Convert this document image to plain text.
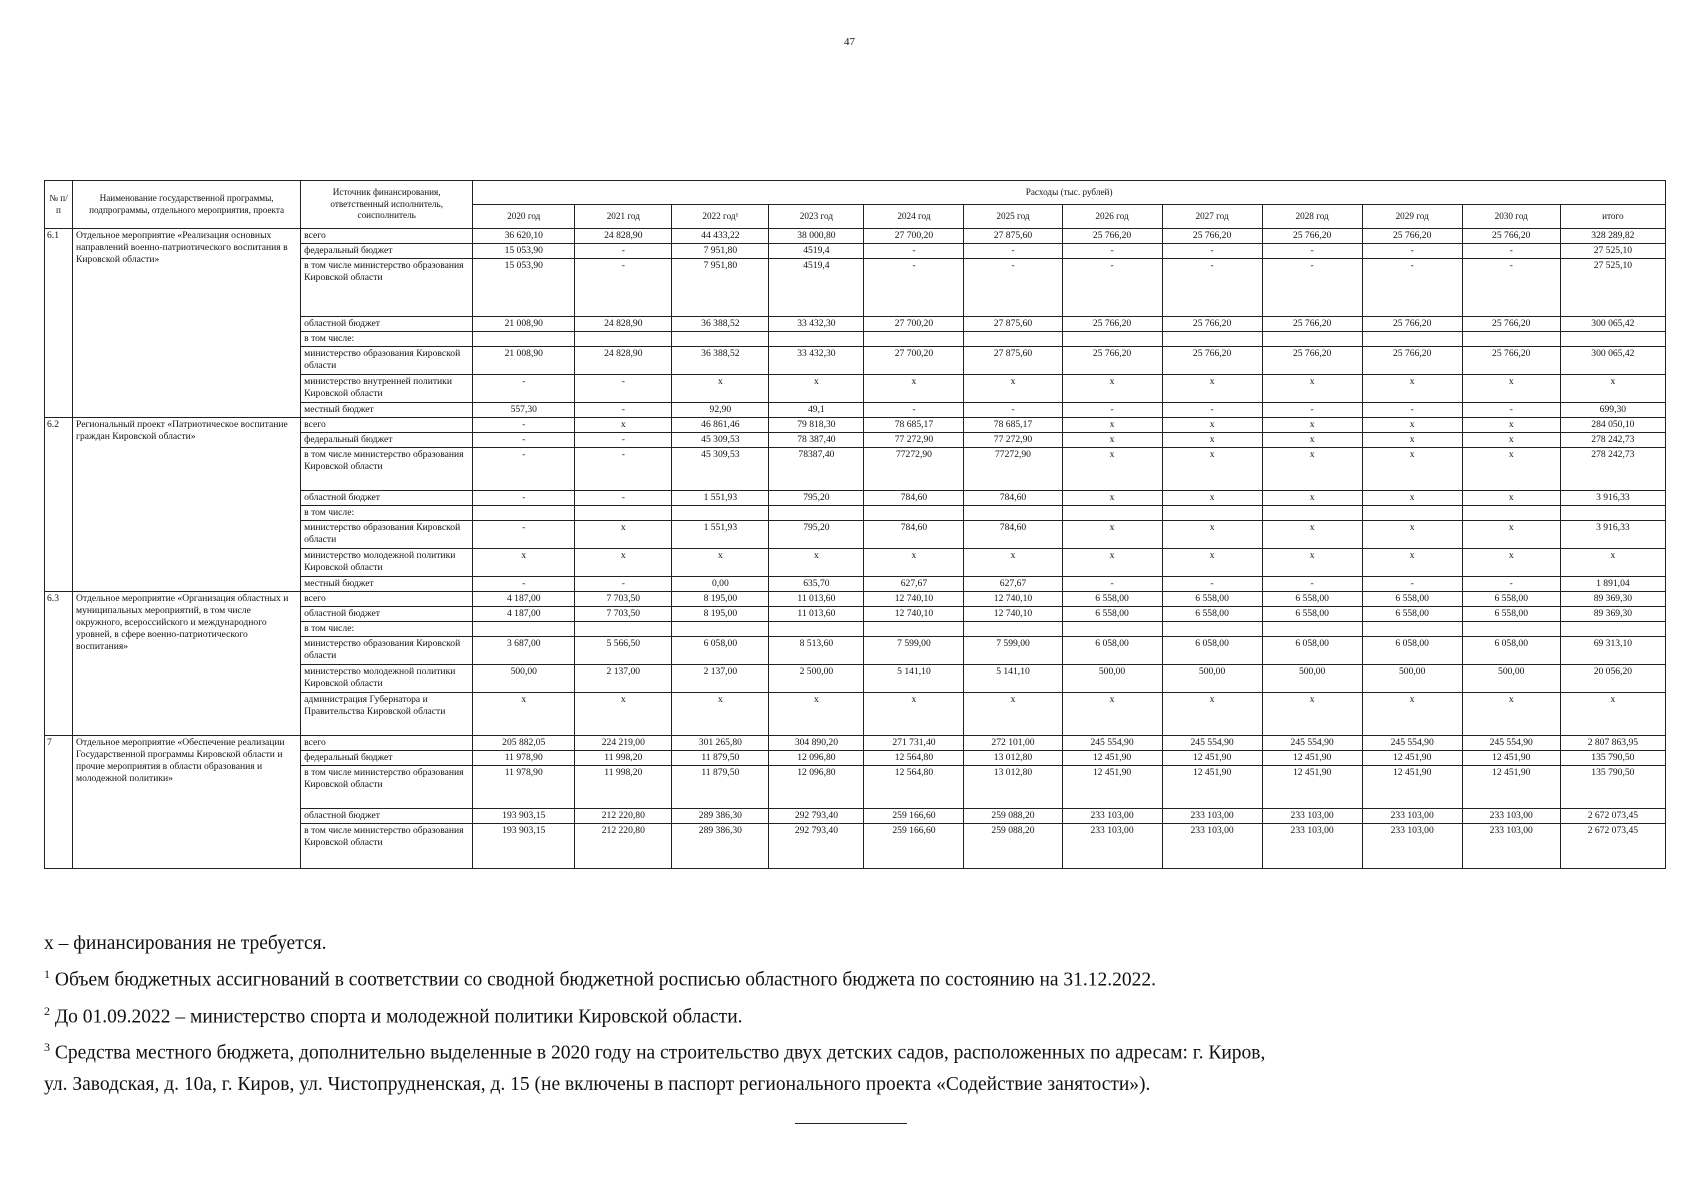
47
№ п/п	Наименование государственной программы, подпрограммы, отдельного мероприятия, проекта	Источник финансирования, ответственный исполнитель, соисполнитель	Расходы (тыс. рублей)											
			2020 год	2021 год	2022 год¹	2023 год	2024 год	2025 год	2026 год	2027 год	2028 год	2029 год	2030 год	итого
6.1	Отдельное мероприятие «Реализация основных направлений военно-патриотического воспитания в Кировской области»	всего	36 620,10	24 828,90	44 433,22	38 000,80	27 700,20	27 875,60	25 766,20	25 766,20	25 766,20	25 766,20	25 766,20	328 289,82
		федеральный бюджет	15 053,90	-	7 951,80	4519,4	-	-	-	-	-	-	-	27 525,10
		в том числе министерство образования Кировской области	15 053,90	-	7 951,80	4519,4	-	-	-	-	-	-	-	27 525,10
		областной бюджет	21 008,90	24 828,90	36 388,52	33 432,30	27 700,20	27 875,60	25 766,20	25 766,20	25 766,20	25 766,20	25 766,20	300 065,42
		в том числе:												
		министерство образования Кировской области	21 008,90	24 828,90	36 388,52	33 432,30	27 700,20	27 875,60	25 766,20	25 766,20	25 766,20	25 766,20	25 766,20	300 065,42
		министерство внутренней политики Кировской области	-	-	x	x	x	x	x	x	x	x	x	x
		местный бюджет	557,30	-	92,90	49,1	-	-	-	-	-	-	-	699,30
6.2	Региональный проект «Патриотическое воспитание граждан Кировской области»	всего	-	x	46 861,46	79 818,30	78 685,17	78 685,17	x	x	x	x	x	284 050,10
		федеральный бюджет	-	-	45 309,53	78 387,40	77 272,90	77 272,90	x	x	x	x	x	278 242,73
		в том числе министерство образования Кировской области	-	-	45 309,53	78387,40	77272,90	77272,90	x	x	x	x	x	278 242,73
		областной бюджет	-	-	1 551,93	795,20	784,60	784,60	x	x	x	x	x	3 916,33
		в том числе:												
		министерство образования Кировской области	-	x	1 551,93	795,20	784,60	784,60	x	x	x	x	x	3 916,33
		министерство молодежной политики Кировской области	x	x	x	x	x	x	x	x	x	x	x	x
		местный бюджет	-	-	0,00	635,70	627,67	627,67	-	-	-	-	-	1 891,04
6.3	Отдельное мероприятие «Организация областных и муниципальных мероприятий, в том числе окружного, всероссийского и международного уровней, в сфере военно-патриотического воспитания»	всего	4 187,00	7 703,50	8 195,00	11 013,60	12 740,10	12 740,10	6 558,00	6 558,00	6 558,00	6 558,00	6 558,00	89 369,30
		областной бюджет	4 187,00	7 703,50	8 195,00	11 013,60	12 740,10	12 740,10	6 558,00	6 558,00	6 558,00	6 558,00	6 558,00	89 369,30
		в том числе:												
		министерство образования Кировской области	3 687,00	5 566,50	6 058,00	8 513,60	7 599,00	7 599,00	6 058,00	6 058,00	6 058,00	6 058,00	6 058,00	69 313,10
		министерство молодежной политики Кировской области	500,00	2 137,00	2 137,00	2 500,00	5 141,10	5 141,10	500,00	500,00	500,00	500,00	500,00	20 056,20
		администрация Губернатора и Правительства Кировской области	x	x	x	x	x	x	x	x	x	x	x	x
7	Отдельное мероприятие «Обеспечение реализации Государственной программы Кировской области и прочие мероприятия в области образования и молодежной политики»	всего	205 882,05	224 219,00	301 265,80	304 890,20	271 731,40	272 101,00	245 554,90	245 554,90	245 554,90	245 554,90	245 554,90	2 807 863,95
		федеральный бюджет	11 978,90	11 998,20	11 879,50	12 096,80	12 564,80	13 012,80	12 451,90	12 451,90	12 451,90	12 451,90	12 451,90	135 790,50
		в том числе министерство образования Кировской области	11 978,90	11 998,20	11 879,50	12 096,80	12 564,80	13 012,80	12 451,90	12 451,90	12 451,90	12 451,90	12 451,90	135 790,50
		областной бюджет	193 903,15	212 220,80	289 386,30	292 793,40	259 166,60	259 088,20	233 103,00	233 103,00	233 103,00	233 103,00	233 103,00	2 672 073,45
		в том числе министерство образования Кировской области	193 903,15	212 220,80	289 386,30	292 793,40	259 166,60	259 088,20	233 103,00	233 103,00	233 103,00	233 103,00	233 103,00	2 672 073,45
х – финансирования не требуется.
$^1$ Объем бюджетных ассигнований в соответствии со сводной бюджетной росписью областного бюджета по состоянию на 31.12.2022.
$^2$ До 01.09.2022 – министерство спорта и молодежной политики Кировской области.
$^3$ Средства местного бюджета, дополнительно выделенные в 2020 году на строительство двух детских садов, расположенных по адресам: г. Киров,
ул. Заводская, д. 10а, г. Киров, ул. Чистопрудненская, д. 15 (не включены в паспорт регионального проекта «Содействие занятости»).
